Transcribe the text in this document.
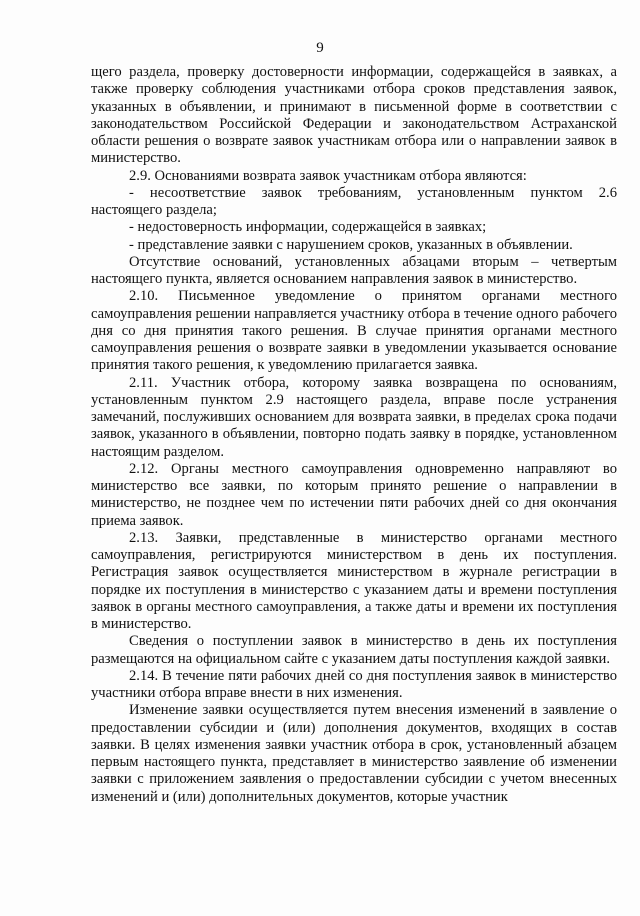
9

щего раздела, проверку достоверности информации, содержащейся в заявках, а также проверку соблюдения участниками отбора сроков представления заявок, указанных в объявлении, и принимают в письменной форме в соответствии с законодательством Российской Федерации и законодательством Астраханской области решения о возврате заявок участникам отбора или о направлении заявок в министерство.

2.9. Основаниями возврата заявок участникам отбора являются:

- несоответствие заявок требованиям, установленным пунктом 2.6 настоящего раздела;

- недостоверность информации, содержащейся в заявках;

- представление заявки с нарушением сроков, указанных в объявлении.

Отсутствие оснований, установленных абзацами вторым – четвертым настоящего пункта, является основанием направления заявок в министерство.

2.10. Письменное уведомление о принятом органами местного самоуправления решении направляется участнику отбора в течение одного рабочего дня со дня принятия такого решения. В случае принятия органами местного самоуправления решения о возврате заявки в уведомлении указывается основание принятия такого решения, к уведомлению прилагается заявка.

2.11. Участник отбора, которому заявка возвращена по основаниям, установленным пунктом 2.9 настоящего раздела, вправе после устранения замечаний, послуживших основанием для возврата заявки, в пределах срока подачи заявок, указанного в объявлении, повторно подать заявку в порядке, установленном настоящим разделом.

2.12. Органы местного самоуправления одновременно направляют во министерство все заявки, по которым принято решение о направлении в министерство, не позднее чем по истечении пяти рабочих дней со дня окончания приема заявок.

2.13. Заявки, представленные в министерство органами местного самоуправления, регистрируются министерством в день их поступления. Регистрация заявок осуществляется министерством в журнале регистрации в порядке их поступления в министерство с указанием даты и времени поступления заявок в органы местного самоуправления, а также даты и времени их поступления в министерство.

Сведения о поступлении заявок в министерство в день их поступления размещаются на официальном сайте с указанием даты поступления каждой заявки.

2.14. В течение пяти рабочих дней со дня поступления заявок в министерство участники отбора вправе внести в них изменения.

Изменение заявки осуществляется путем внесения изменений в заявление о предоставлении субсидии и (или) дополнения документов, входящих в состав заявки. В целях изменения заявки участник отбора в срок, установленный абзацем первым настоящего пункта, представляет в министерство заявление об изменении заявки с приложением заявления о предоставлении субсидии с учетом внесенных изменений и (или) дополнительных документов, которые участник
